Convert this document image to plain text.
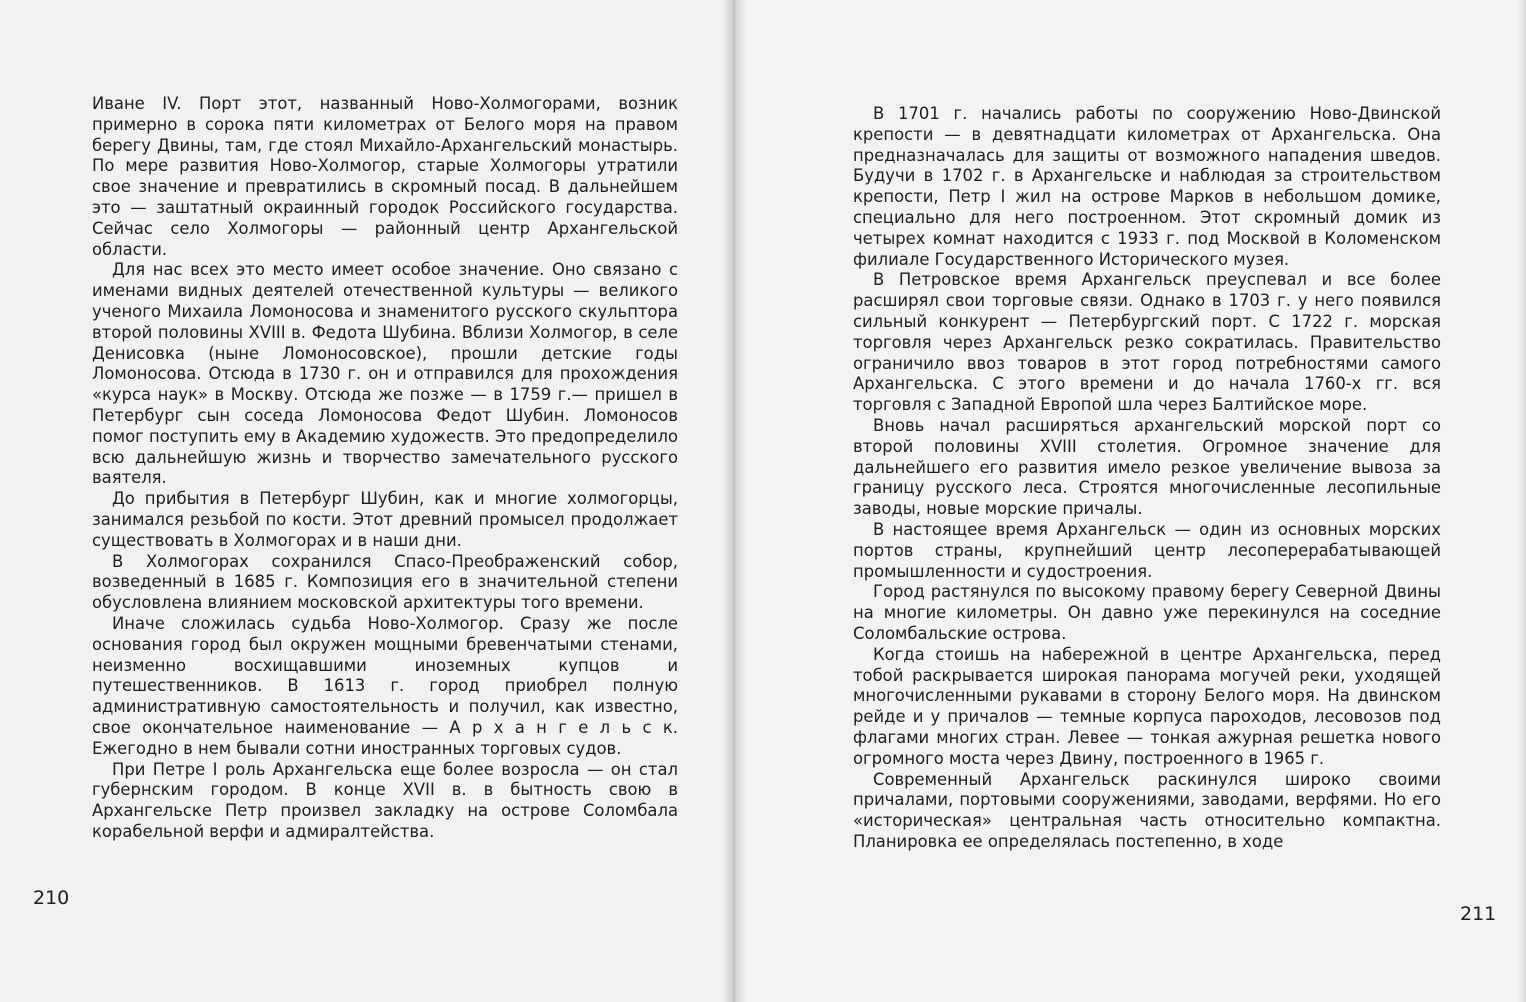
Иване IV. Порт этот, названный Ново-Холмогорами, возник примерно в сорока пяти километрах от Белого моря на правом берегу Двины, там, где стоял Михайло-Архангельский монастырь. По мере развития Ново-Холмогор, старые Холмогоры утратили свое значение и превратились в скромный посад. В дальнейшем это — заштатный окраинный городок Российского государства. Сейчас село Холмогоры — районный центр Архангельской области.

Для нас всех это место имеет особое значение. Оно связано с именами видных деятелей отечественной культуры — великого ученого Михаила Ломоносова и знаменитого русского скульптора второй половины XVIII в. Федота Шубина. Вблизи Холмогор, в селе Денисовка (ныне Ломоносовское), прошли детские годы Ломоносова. Отсюда в 1730 г. он и отправился для прохождения «курса наук» в Москву. Отсюда же позже — в 1759 г.— пришел в Петербург сын соседа Ломоносова Федот Шубин. Ломоносов помог поступить ему в Академию художеств. Это предопределило всю дальнейшую жизнь и творчество замечательного русского ваятеля.

До прибытия в Петербург Шубин, как и многие холмогорцы, занимался резьбой по кости. Этот древний промысел продолжает существовать в Холмогорах и в наши дни.

В Холмогорах сохранился Спасо-Преображенский собор, возведенный в 1685 г. Композиция его в значительной степени обусловлена влиянием московской архитектуры того времени.

Иначе сложилась судьба Ново-Холмогор. Сразу же после основания город был окружен мощными бревенчатыми стенами, неизменно восхищавшими иноземных купцов и путешественников. В 1613 г. город приобрел полную административную самостоятельность и получил, как известно, свое окончательное наименование — А р х а н г е л ь с к. Ежегодно в нем бывали сотни иностранных торговых судов.

При Петре I роль Архангельска еще более возросла — он стал губернским городом. В конце XVII в. в бытность свою в Архангельске Петр произвел закладку на острове Соломбала корабельной верфи и адмиралтейства.

210

В 1701 г. начались работы по сооружению Ново-Двинской крепости — в девятнадцати километрах от Архангельска. Она предназначалась для защиты от возможного нападения шведов. Будучи в 1702 г. в Архангельске и наблюдая за строительством крепости, Петр I жил на острове Марков в небольшом домике, специально для него построенном. Этот скромный домик из четырех комнат находится с 1933 г. под Москвой в Коломенском филиале Государственного Исторического музея.

В Петровское время Архангельск преуспевал и все более расширял свои торговые связи. Однако в 1703 г. у него появился сильный конкурент — Петербургский порт. С 1722 г. морская торговля через Архангельск резко сократилась. Правительство ограничило ввоз товаров в этот город потребностями самого Архангельска. С этого времени и до начала 1760-х гг. вся торговля с Западной Европой шла через Балтийское море.

Вновь начал расширяться архангельский морской порт со второй половины XVIII столетия. Огромное значение для дальнейшего его развития имело резкое увеличение вывоза за границу русского леса. Строятся многочисленные лесопильные заводы, новые морские причалы.

В настоящее время Архангельск — один из основных морских портов страны, крупнейший центр лесоперерабатывающей промышленности и судостроения.

Город растянулся по высокому правому берегу Северной Двины на многие километры. Он давно уже перекинулся на соседние Соломбальские острова.

Когда стоишь на набережной в центре Архангельска, перед тобой раскрывается широкая панорама могучей реки, уходящей многочисленными рукавами в сторону Белого моря. На двинском рейде и у причалов — темные корпуса пароходов, лесовозов под флагами многих стран. Левее — тонкая ажурная решетка нового огромного моста через Двину, построенного в 1965 г.

Современный Архангельск раскинулся широко своими причалами, портовыми сооружениями, заводами, верфями. Но его «историческая» центральная часть относительно компактна. Планировка ее определялась постепенно, в ходе

211
